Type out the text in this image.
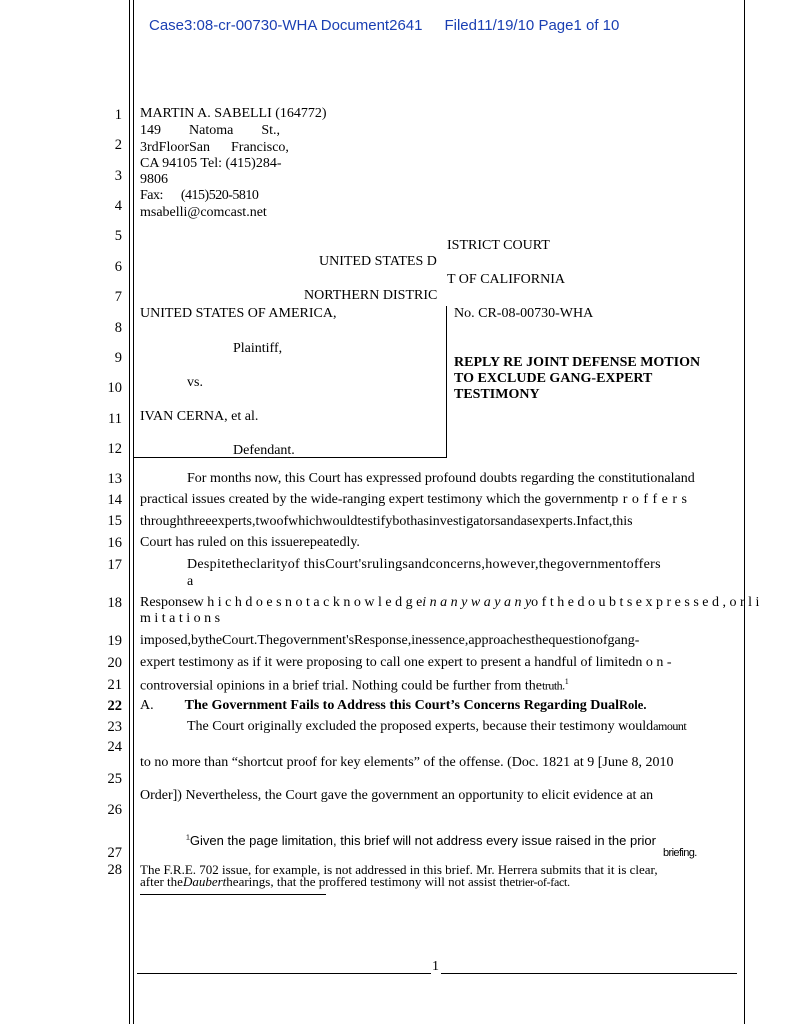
Case3:08-cr-00730-WHA Document2641 Filed11/19/10 Page1 of 10
1
2
3
4
5
6
7
8
9
10
11
12
13
14
15
16
17
18
19
20
21
22
23
24
25
26
27
28
MARTIN A. SABELLI (164772)
149        Natoma        St.,
3rdFloorSan      Francisco,
CA 94105 Tel: (415)284-
9806
Fax:      (415)520-5810
msabelli@comcast.net
ISTRICT COURT
UNITED STATES D
T OF CALIFORNIA
NORTHERN DISTRIC
UNITED STATES OF AMERICA,
Plaintiff,
vs.
IVAN CERNA, et al.
Defendant.
No. CR-08-00730-WHA
REPLY RE JOINT DEFENSE MOTION
TO EXCLUDE GANG-EXPERT
TESTIMONY
For months now, this Court has expressed profound doubts regarding the constitutionaland
practical issues created by the wide-ranging expert testimony which the governmentp r o f f e r s
throughthreeexperts,twoofwhichwouldtestifybothasinvestigatorsandasexperts.Infact,this
Court has ruled on this issuerepeatedly.
Despitetheclarityof thisCourt'srulingsandconcerns,however,thegovernmentoffers
a
Responsew h i c h d o e s n o t a c k n o w l e d g ei n a n y w a y a n yo f t h e d o u b t s e x p r e s s e d , o r l i
m i t a t i o n s
imposed,bytheCourt.Thegovernment'sResponse,inessence,approachesthequestionofgang-
expert testimony as if it were proposing to call one expert to present a handful of limitedn o n -
controversial opinions in a brief trial. Nothing could be further from thetruth.$^1$
A. The Government Fails to Address this Court’s Concerns Regarding DualRole.
The Court originally excluded the proposed experts, because their testimony wouldamount
to no more than “shortcut proof for key elements” of the offense. (Doc. 1821 at 9 [June 8, 2010
Order]) Nevertheless, the Court gave the government an opportunity to elicit evidence at an
$^1$Given the page limitation, this brief will not address every issue raised in the prior
briefing.
The F.R.E. 702 issue, for example, is not addressed in this brief. Mr. Herrera submits that it is clear,
after theDauberthearings, that the proffered testimony will not assist thetrier-of-fact.
1
